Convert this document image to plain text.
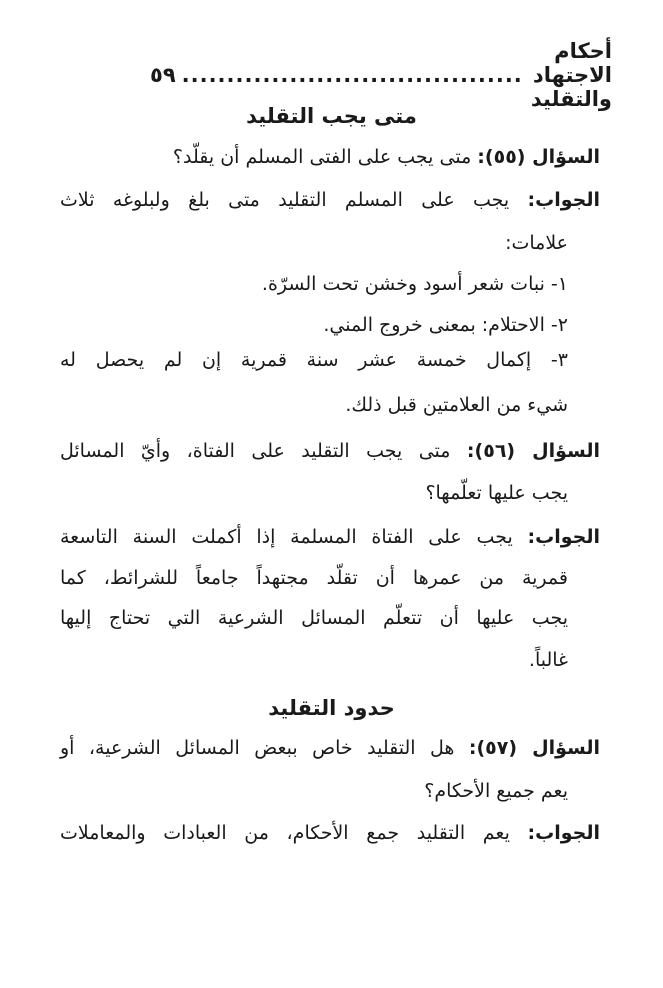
أحكام الاجتهاد والتقليد
......................................
٥٩
متى يجب التقليد
السؤال (٥٥): متى يجب على الفتى المسلم أن يقلّد؟
الجواب: يجب على المسلم التقليد متى بلغ ولبلوغه ثلاث
علامات:
١- نبات شعر أسود وخشن تحت السرّة.
٢- الاحتلام: بمعنى خروج المني.
٣- إكمال خمسة عشر سنة قمرية إن لم يحصل له
شيء من العلامتين قبل ذلك.
السؤال (٥٦): متى يجب التقليد على الفتاة، وأيّ المسائل
يجب عليها تعلّمها؟
الجواب: يجب على الفتاة المسلمة إذا أكملت السنة التاسعة
قمرية من عمرها أن تقلّد مجتهداً جامعاً للشرائط، كما
يجب عليها أن تتعلّم المسائل الشرعية التي تحتاج إليها
غالباً.
حدود التقليد
السؤال (٥٧): هل التقليد خاص ببعض المسائل الشرعية، أو
يعم جميع الأحكام؟
الجواب: يعم التقليد جمع الأحكام، من العبادات والمعاملات
